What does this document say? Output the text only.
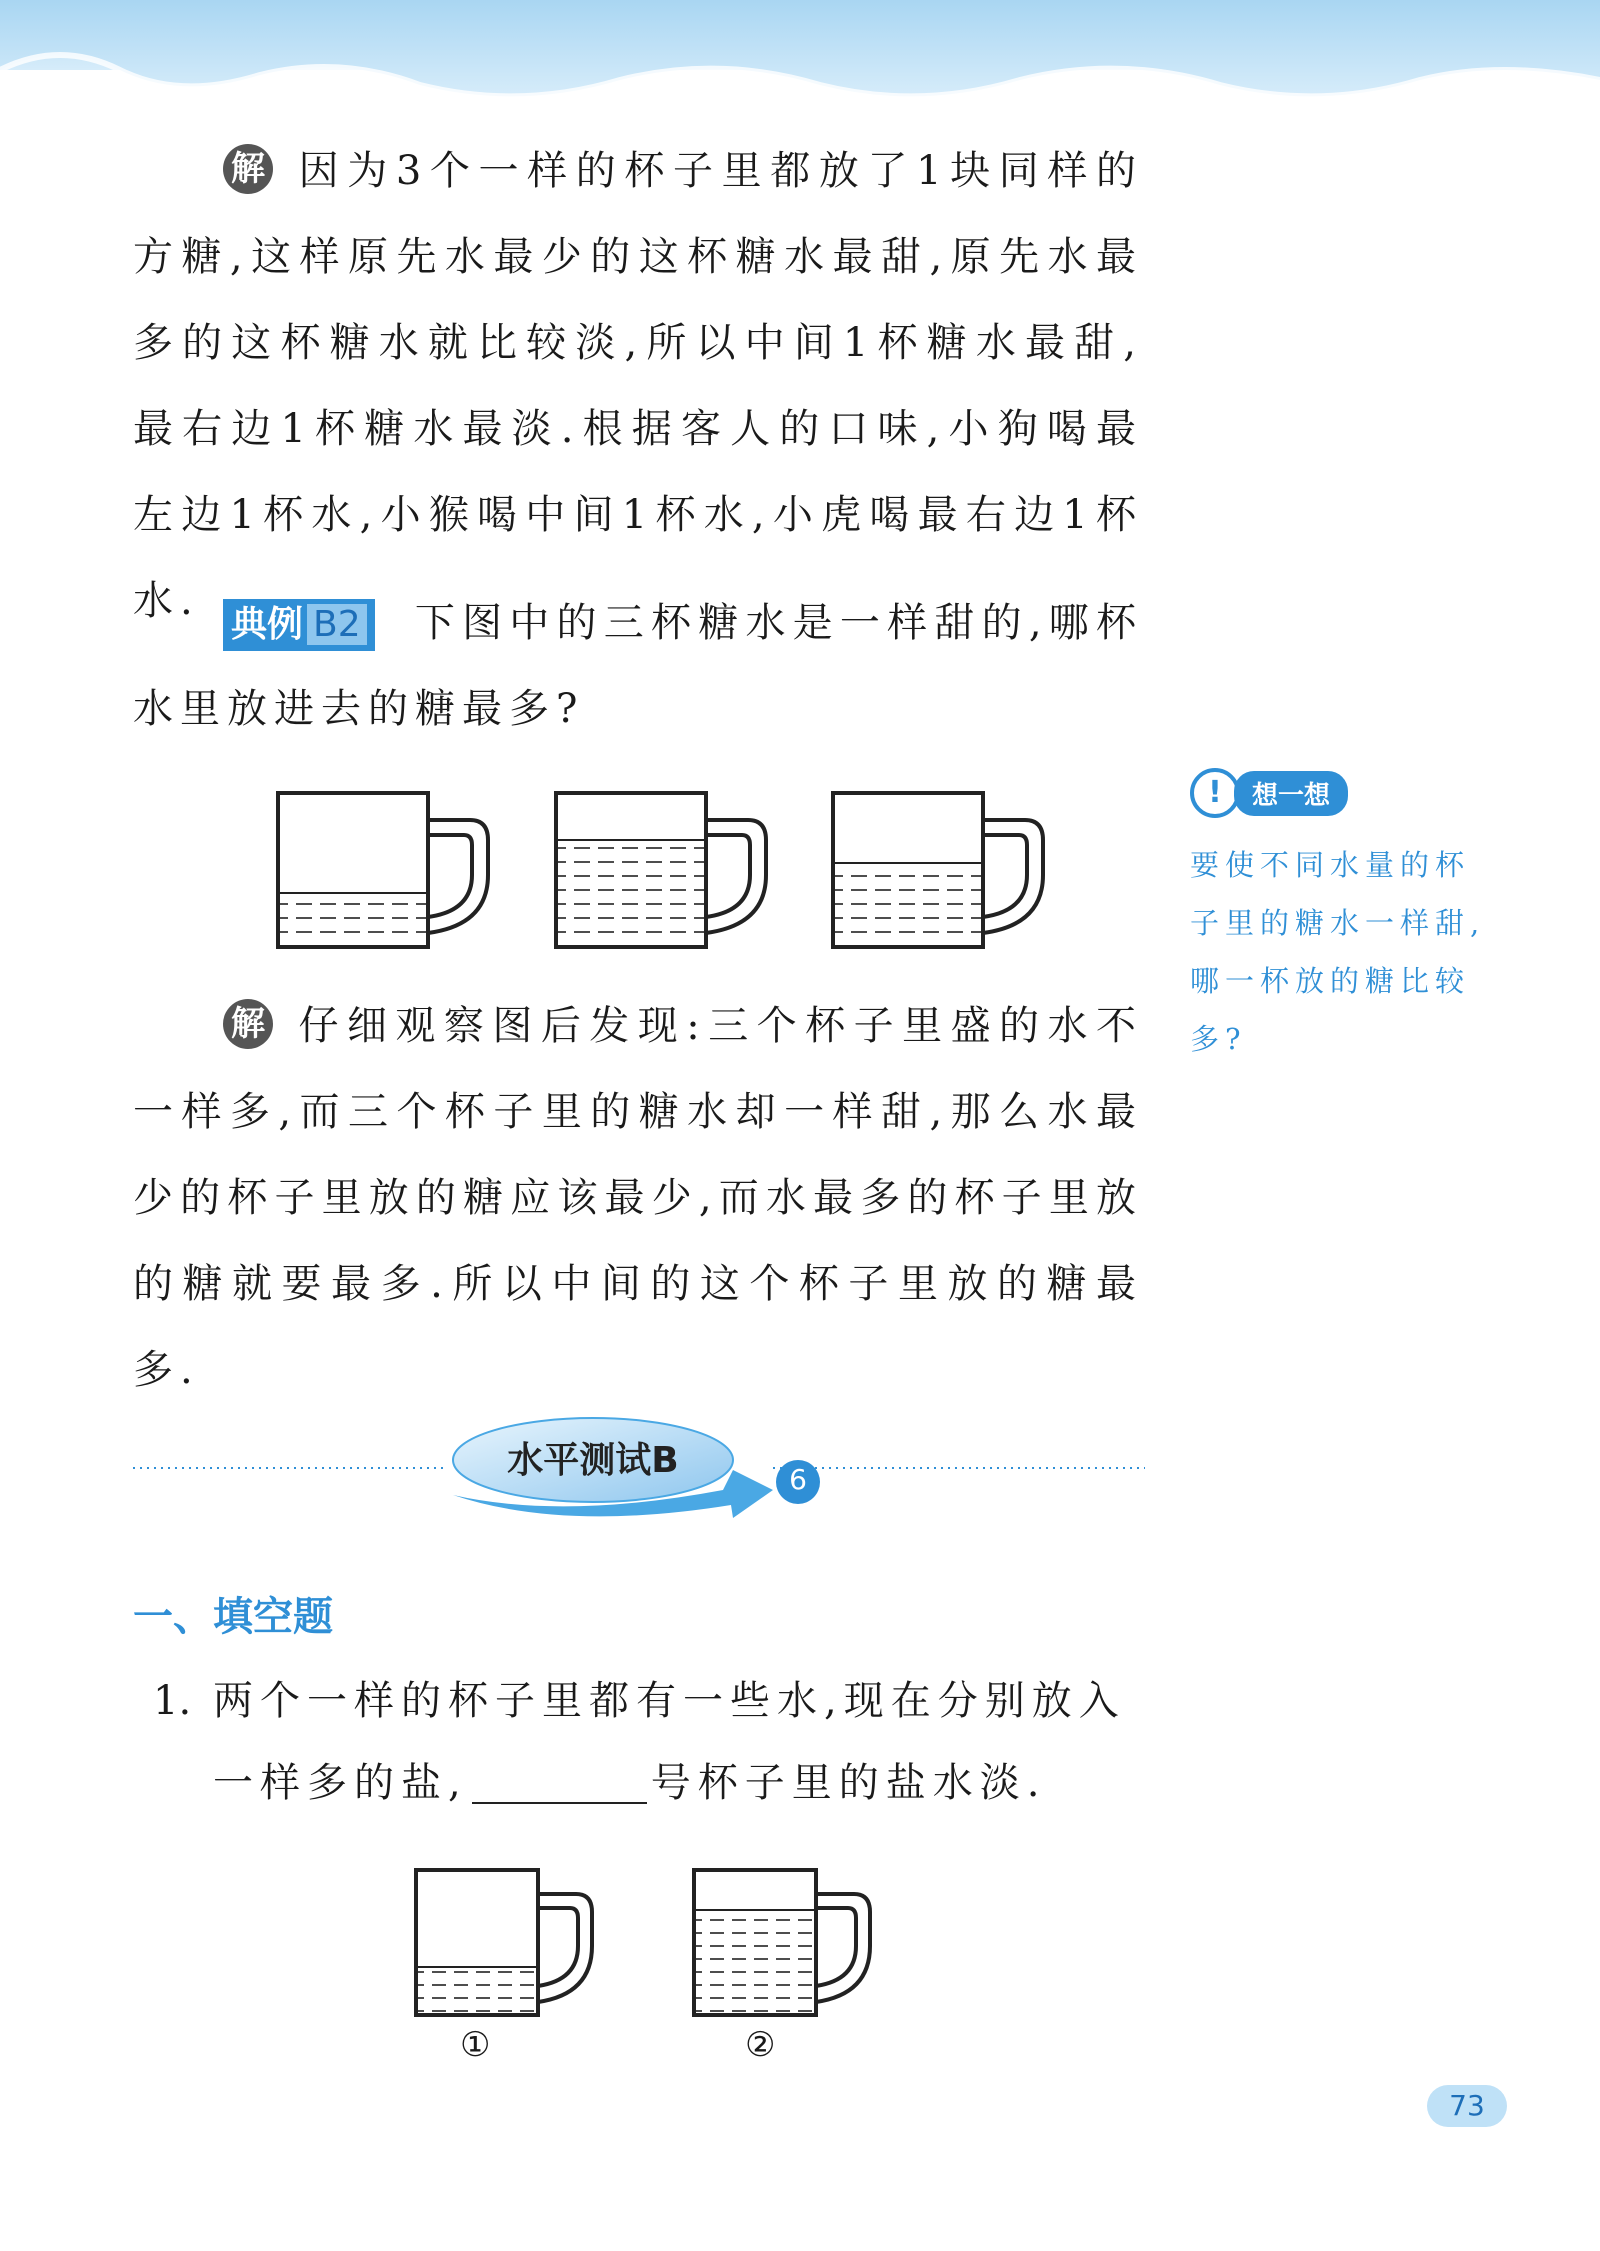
解 因为3个一样的杯子里都放了1块同样的方糖,这样原先水最少的这杯糖水最甜,原先水最多的这杯糖水就比较淡,所以中间1杯糖水最甜,最右边1杯糖水最淡.根据客人的口味,小狗喝最左边1杯水,小猴喝中间1杯水,小虎喝最右边1杯水.
典例 B2 下图中的三杯糖水是一样甜的,哪杯水里放进去的糖最多?
解 仔细观察图后发现:三个杯子里盛的水不一样多,而三个杯子里的糖水却一样甜,那么水最少的杯子里放的糖应该最少,而水最多的杯子里放的糖就要最多.所以中间的这个杯子里放的糖最多.
!	想一想
要使不同水量的杯子里的糖水一样甜,哪一杯放的糖比较多?
水平测试B	6
一、填空题
1. 两个一样的杯子里都有一些水,现在分别放入一样多的盐,	号杯子里的盐水淡.
①	②
73
